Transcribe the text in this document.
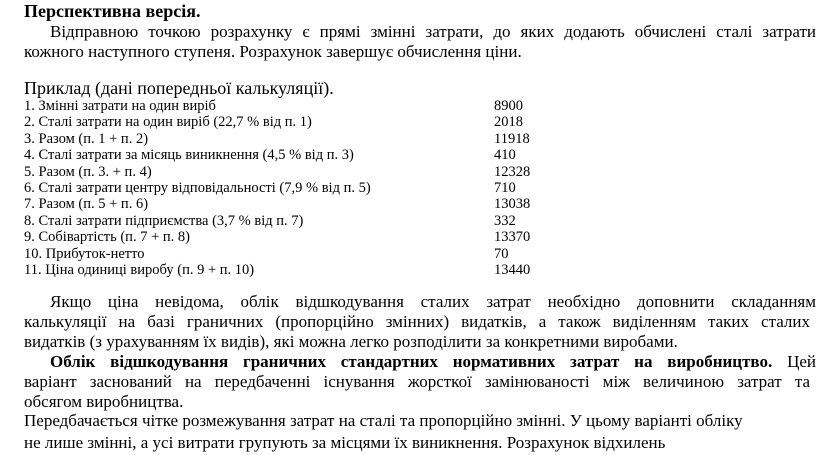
Перспективна версія.
Відправною точкою розрахунку є прямі змінні затрати, до яких додають обчислені сталі затрати
кожного наступного ступеня. Розрахунок завершує обчислення ціни.
Приклад (дані попередньої калькуляції).
1. Змінні затрати на один виріб	8900
2. Сталі затрати на один виріб (22,7 % від п. 1)	2018
3. Разом (п. 1 + п. 2)	11918
4. Сталі затрати за місяць виникнення (4,5 % від п. 3)	410
5. Разом (п. 3. + п. 4)	12328
6. Сталі затрати центру відповідальності (7,9 % від п. 5)	710
7. Разом (п. 5 + п. 6)	13038
8. Сталі затрати підприємства (3,7 % від п. 7)	332
9. Собівартість (п. 7 + п. 8)	13370
10. Прибуток-нетто	70
11. Ціна одиниці виробу (п. 9 + п. 10)	13440
Якщо ціна невідома, облік відшкодування сталих затрат необхідно доповнити складанням
калькуляції на базі граничних (пропорційно змінних) видатків, а також виділенням таких сталих
видатків (з урахуванням їх видів), які можна легко розподілити за конкретними виробами.
Облік відшкодування граничних стандартних нормативних затрат на виробництво. Цей
варіант заснований на передбаченні існування жорсткої замінюваності між величиною затрат та
обсягом виробництва.
Передбачається чітке розмежування затрат на сталі та пропорційно змінні. У цьому варіанті обліку
не лише змінні, а усі витрати групують за місцями їх виникнення. Розрахунок відхилень
